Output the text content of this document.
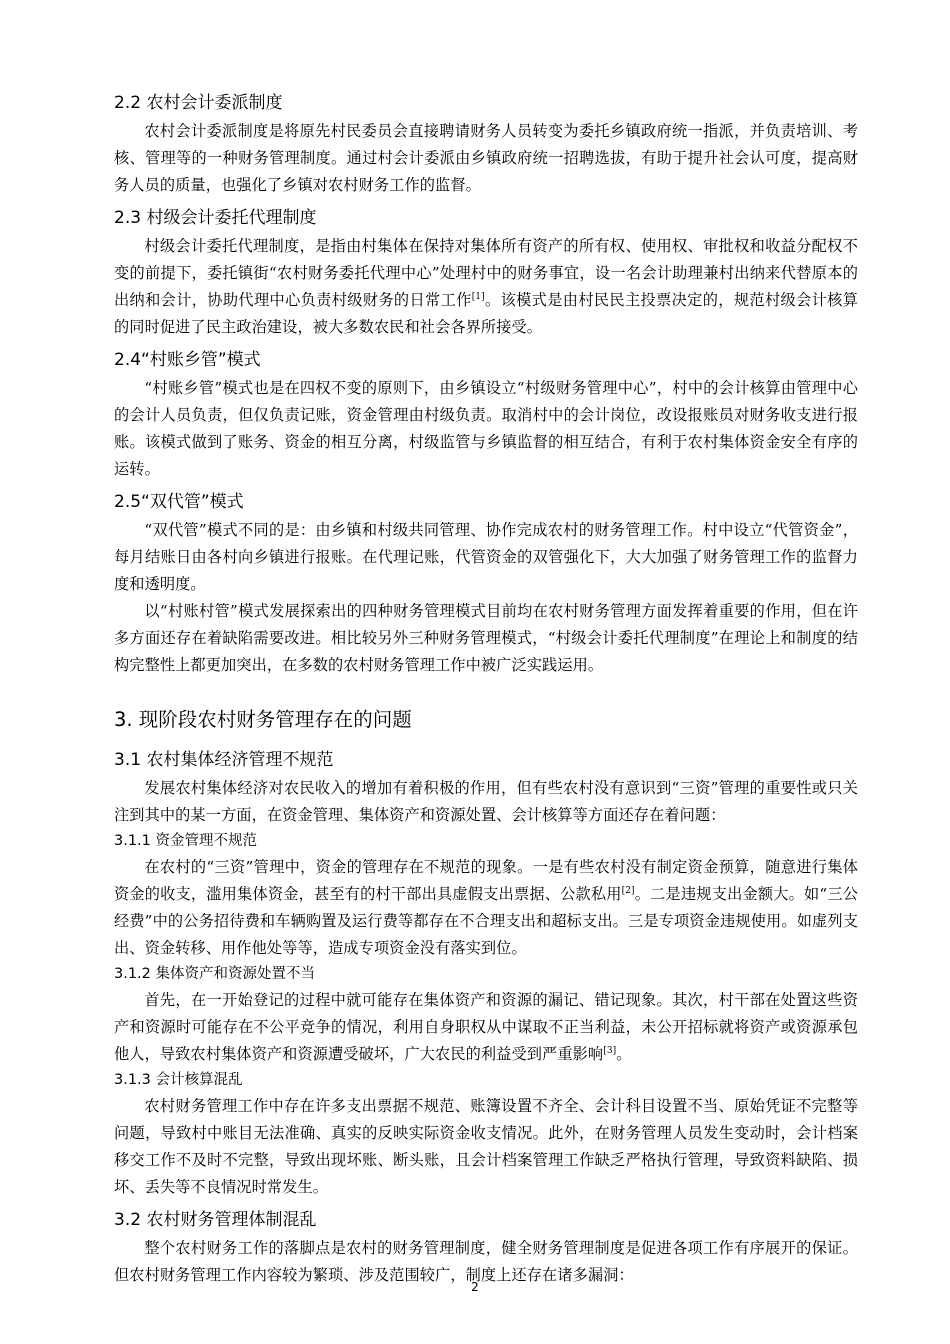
2.2 农村会计委派制度

农村会计委派制度是将原先村民委员会直接聘请财务人员转变为委托乡镇政府统一指派，并负责培训、考核、管理等的一种财务管理制度。通过村会计委派由乡镇政府统一招聘选拔，有助于提升社会认可度，提高财务人员的质量，也强化了乡镇对农村财务工作的监督。

2.3 村级会计委托代理制度

村级会计委托代理制度，是指由村集体在保持对集体所有资产的所有权、使用权、审批权和收益分配权不变的前提下，委托镇街“农村财务委托代理中心”处理村中的财务事宜，设一名会计助理兼村出纳来代替原本的出纳和会计，协助代理中心负责村级财务的日常工作[1]。该模式是由村民民主投票决定的，规范村级会计核算的同时促进了民主政治建设，被大多数农民和社会各界所接受。

2.4“村账乡管”模式

“村账乡管”模式也是在四权不变的原则下，由乡镇设立“村级财务管理中心”，村中的会计核算由管理中心的会计人员负责，但仅负责记账，资金管理由村级负责。取消村中的会计岗位，改设报账员对财务收支进行报账。该模式做到了账务、资金的相互分离，村级监管与乡镇监督的相互结合，有利于农村集体资金安全有序的运转。

2.5“双代管”模式

“双代管”模式不同的是：由乡镇和村级共同管理、协作完成农村的财务管理工作。村中设立“代管资金”，每月结账日由各村向乡镇进行报账。在代理记账，代管资金的双管强化下，大大加强了财务管理工作的监督力度和透明度。

以“村账村管”模式发展探索出的四种财务管理模式目前均在农村财务管理方面发挥着重要的作用，但在许多方面还存在着缺陷需要改进。相比较另外三种财务管理模式，“村级会计委托代理制度”在理论上和制度的结构完整性上都更加突出，在多数的农村财务管理工作中被广泛实践运用。

3. 现阶段农村财务管理存在的问题
3.1 农村集体经济管理不规范

发展农村集体经济对农民收入的增加有着积极的作用，但有些农村没有意识到“三资”管理的重要性或只关注到其中的某一方面，在资金管理、集体资产和资源处置、会计核算等方面还存在着问题：

3.1.1 资金管理不规范

在农村的“三资”管理中，资金的管理存在不规范的现象。一是有些农村没有制定资金预算，随意进行集体资金的收支，滥用集体资金，甚至有的村干部出具虚假支出票据、公款私用[2]。二是违规支出金额大。如“三公经费”中的公务招待费和车辆购置及运行费等都存在不合理支出和超标支出。三是专项资金违规使用。如虚列支出、资金转移、用作他处等等，造成专项资金没有落实到位。

3.1.2 集体资产和资源处置不当

首先，在一开始登记的过程中就可能存在集体资产和资源的漏记、错记现象。其次，村干部在处置这些资产和资源时可能存在不公平竞争的情况，利用自身职权从中谋取不正当利益，未公开招标就将资产或资源承包他人，导致农村集体资产和资源遭受破坏，广大农民的利益受到严重影响[3]。

3.1.3 会计核算混乱

农村财务管理工作中存在许多支出票据不规范、账簿设置不齐全、会计科目设置不当、原始凭证不完整等问题，导致村中账目无法准确、真实的反映实际资金收支情况。此外，在财务管理人员发生变动时，会计档案移交工作不及时不完整，导致出现坏账、断头账，且会计档案管理工作缺乏严格执行管理，导致资料缺陷、损坏、丢失等不良情况时常发生。

3.2 农村财务管理体制混乱

整个农村财务工作的落脚点是农村的财务管理制度，健全财务管理制度是促进各项工作有序展开的保证。但农村财务管理工作内容较为繁琐、涉及范围较广，制度上还存在诸多漏洞：

2
